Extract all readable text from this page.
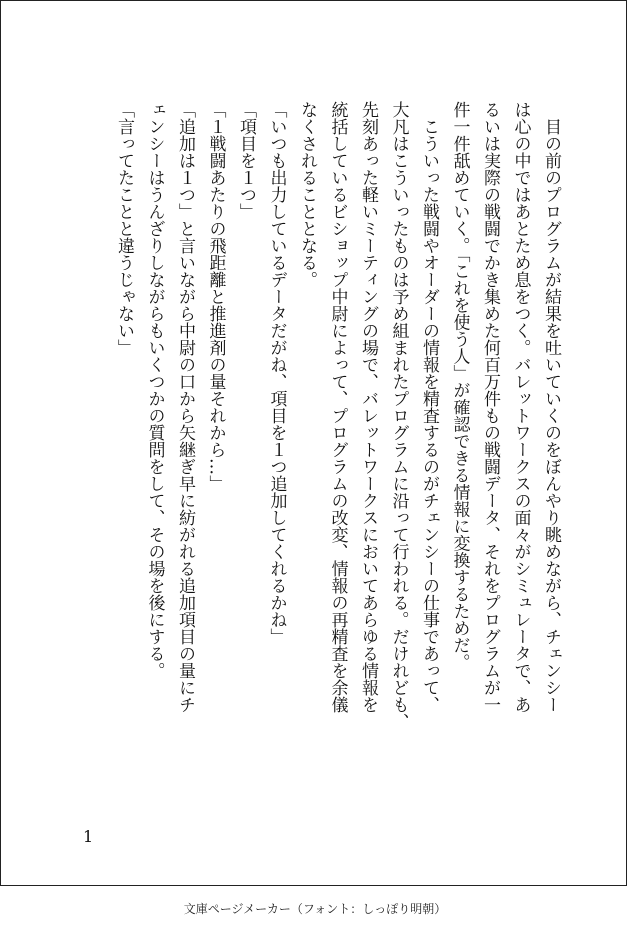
　目の前のプログラムが結果を吐いていくのをぼんやり眺めながら、チェンシー

は心の中ではあとため息をつく。バレットワークスの面々がシミュレータで、あ

るいは実際の戦闘でかき集めた何百万件もの戦闘データ、それをプログラムが一

件一件舐めていく。「これを使う人」が確認できる情報に変換するためだ。

　こういった戦闘やオーダーの情報を精査するのがチェンシーの仕事であって、

大凡はこういったものは予め組まれたプログラムに沿って行われる。だけれども、

先刻あった軽いミーティングの場で、バレットワークスにおいてあらゆる情報を

統括しているビショップ中尉によって、プログラムの改変、情報の再精査を余儀

なくされることとなる。

「いつも出力しているデータだがね、項目を１つ追加してくれるかね」

「項目を１つ」

「１戦闘あたりの飛距離と推進剤の量それから…」

「追加は１つ」と言いながら中尉の口から矢継ぎ早に紡がれる追加項目の量にチ

ェンシーはうんざりしながらもいくつかの質問をして、その場を後にする。

「言ってたことと違うじゃない」

1
文庫ページメーカー（フォント：しっぽり明朝）
